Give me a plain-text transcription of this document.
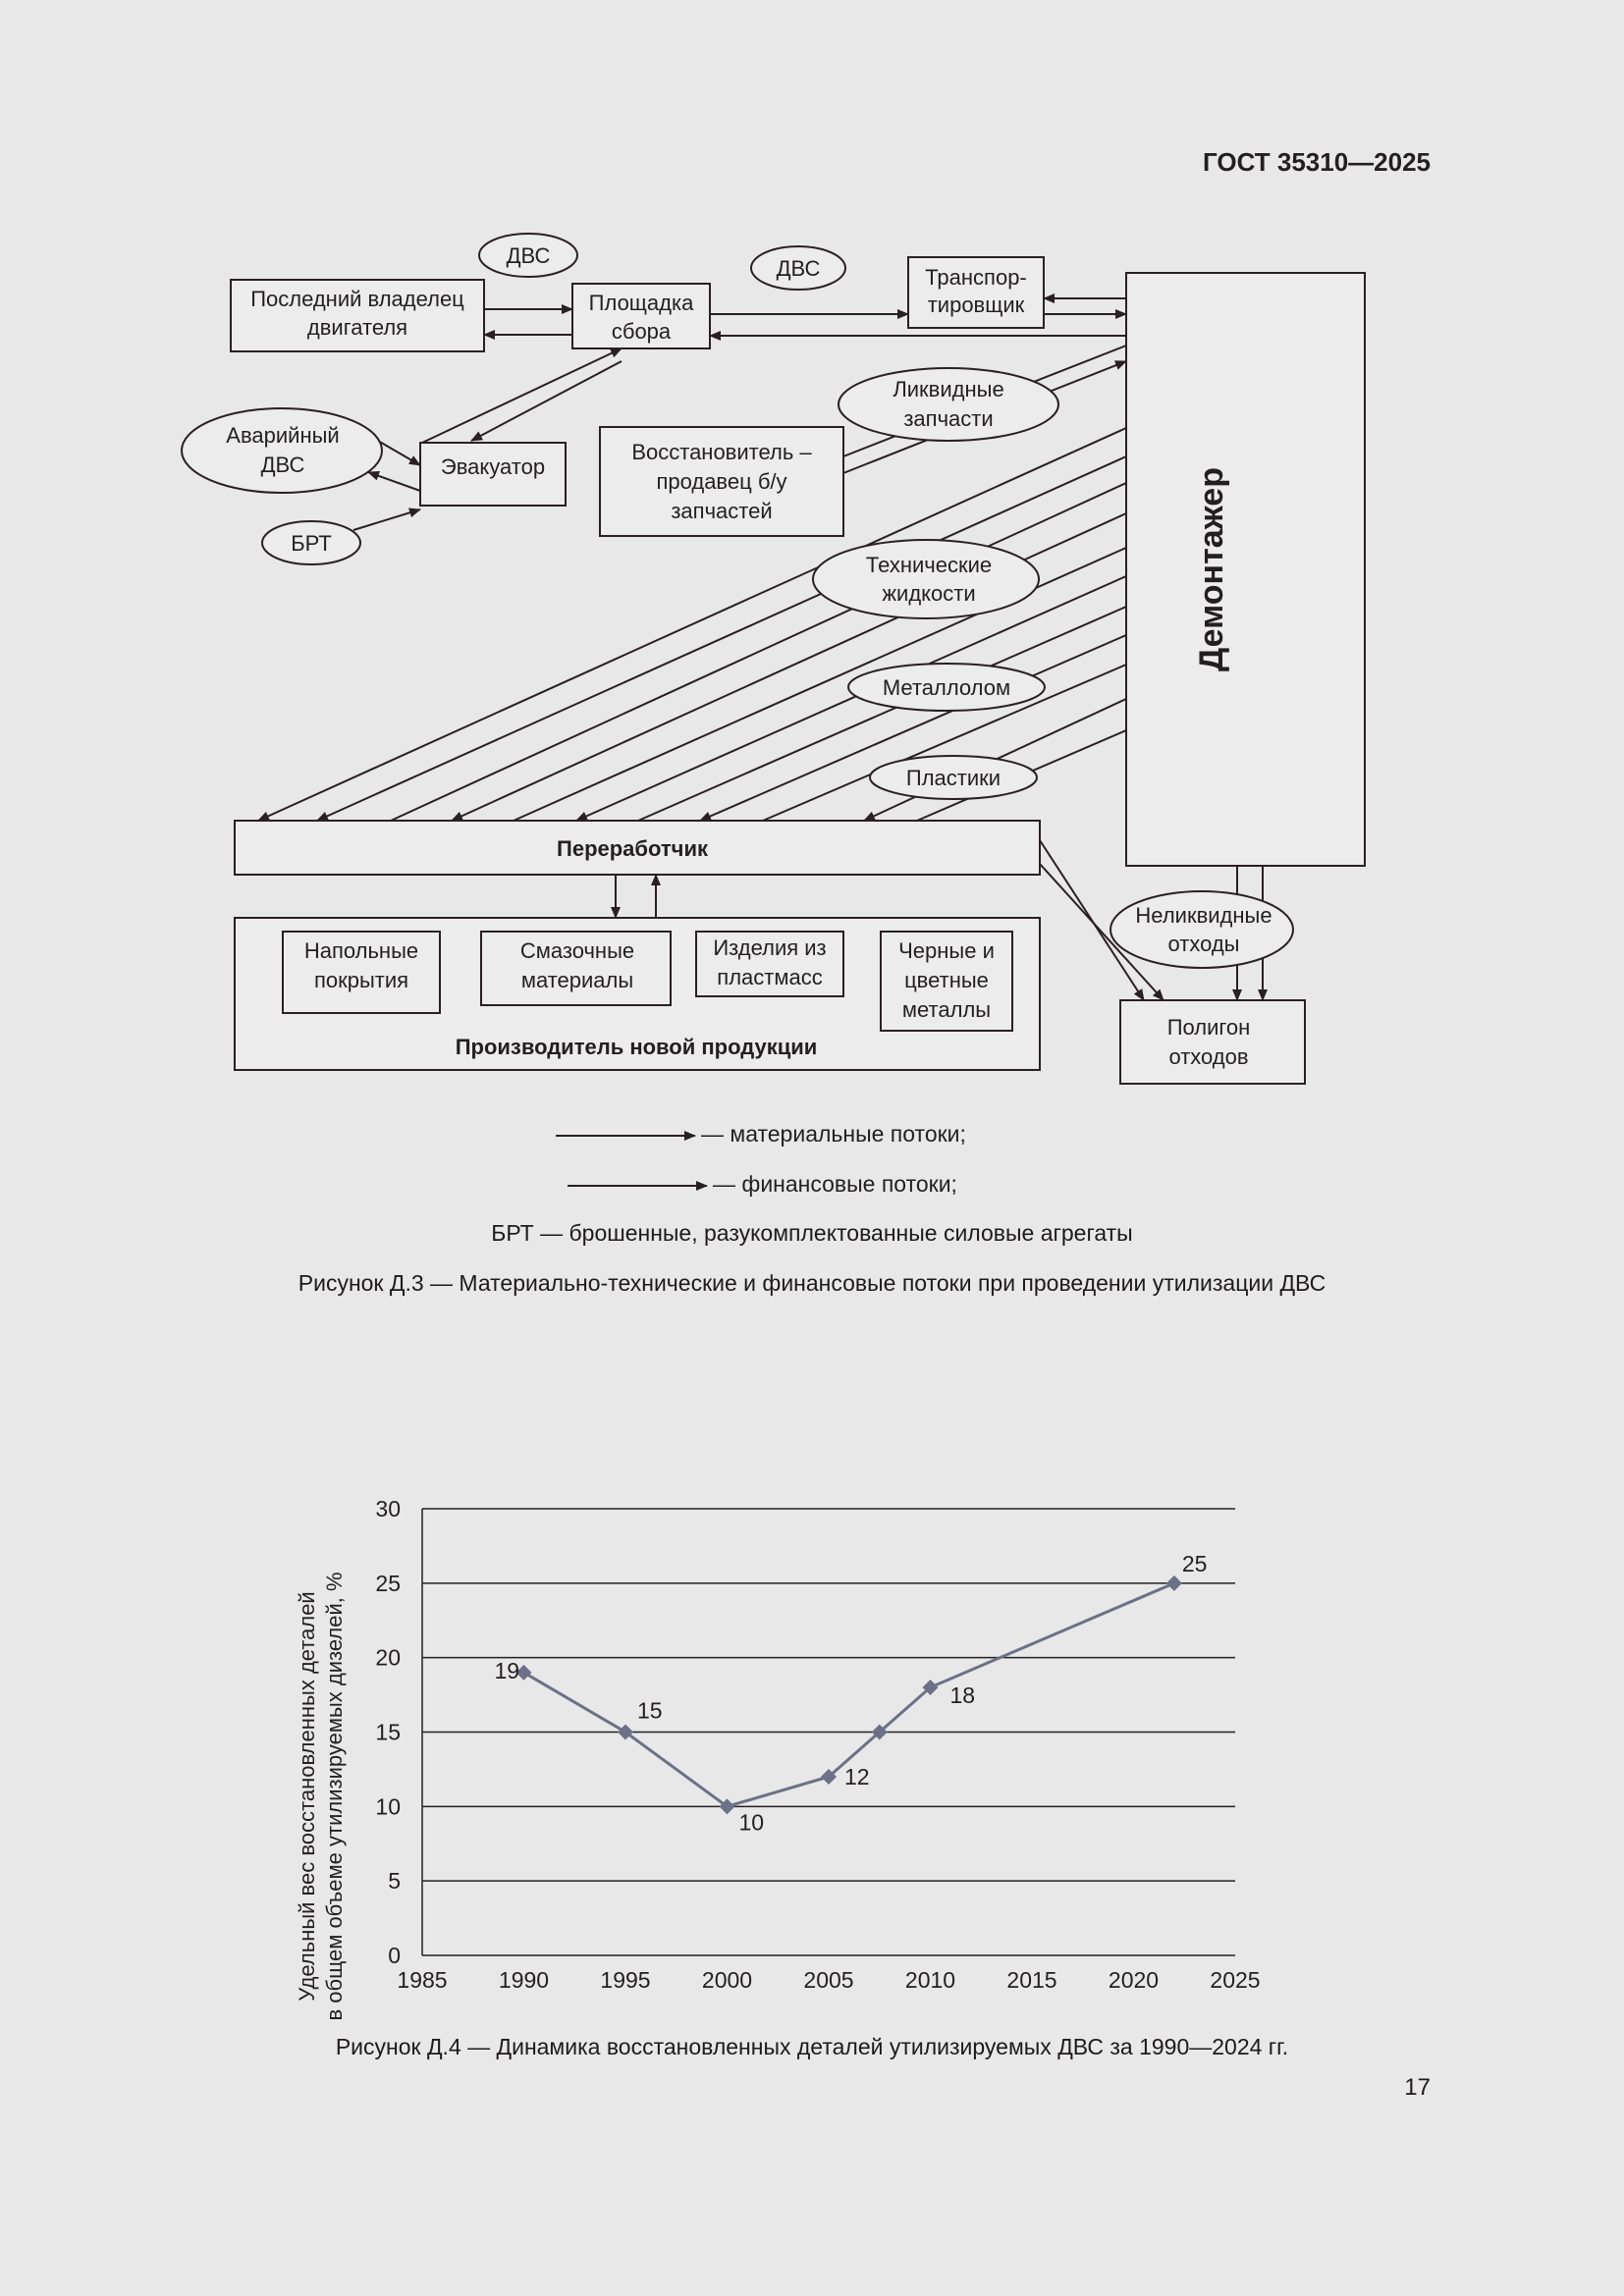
ГОСТ 35310—2025
Последний владелец
двигателя
Площадка
сбора
Транспор-
тировщик
Демонтажер
Эвакуатор
Восстановитель –
продавец б/у
запчастей
Переработчик
Производитель новой продукции
Полигон
отходов
Аварийный
ДВС
БРТ
ДВС
ДВС
Ликвидные
запчасти
Технические
жидкости
Металлолом
Пластики
Неликвидные
отходы
Напольные
покрытия
Смазочные
материалы
Изделия из
пластмасс
Черные и
цветные
металлы
— материальные потоки;
— финансовые потоки;
БРТ — брошенные, разукомплектованные силовые агрегаты
Рисунок Д.3 — Материально-технические и финансовые потоки при проведении утилизации ДВС
0
5
10
15
20
25
30
1985 1990 1995 2000 2005 2010 2015 2020 2025
19
15
10
12
18
25
Удельный вес восстановленных деталей в общем объеме утилизируемых дизелей, %
Рисунок Д.4 — Динамика восстановленных деталей утилизируемых ДВС за 1990—2024 гг.
17
